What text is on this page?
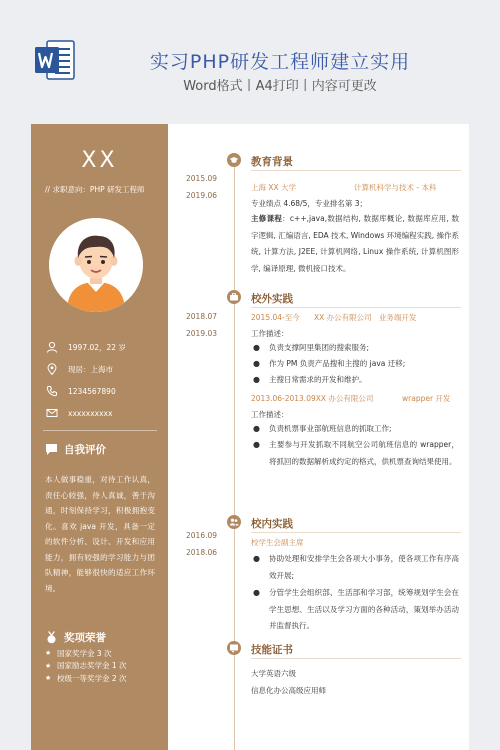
实习PHP研发工程师建立实用
Word格式丨A4打印丨内容可更改
XX
// 求职意向：PHP 研发工程师
1997.02，22 岁
现居：上海市
1234567890
xxxxxxxxxx
自我评价
本人做事稳重，对待工作认真，责任心较强，待人真诚，善于沟通，时刻保持学习，积极拥抱变化。喜欢 java 开发，具备一定的软件分析、设计、开发和应用能力，拥有较强的学习能力与团队精神，能够很快的适应工作环境。
奖项荣誉
★ 国家奖学金 3 次
★ 国家励志奖学金 1 次
★ 校级一等奖学金 2 次
2015.09
2019.06
教育背景
上海 XX 大学	计算机科学与技术 - 本科
专业绩点 4.68/5，专业排名第 3；
主修课程：c++,java,数据结构, 数据库概论, 数据库应用, 数字逻辑, 汇编语言, EDA 技术, Windows 环境编程实践, 操作系统, 计算方法, J2EE, 计算机网络, Linux 操作系统, 计算机图形学, 编译原理, 微机接口技术。
2018.07
2019.03
校外实践
2015.04-至今      XX 办公有限公司   业务端开发
工作描述：
●	负责支撑阿里集团的搜索服务;
●	作为 PM 负责产品搜和主搜的 java 迁移;
●	主搜日常需求的开发和维护。
2013.06-2013.09XX 办公有限公司            wrapper 开发
工作描述：
●	负责机票事业部航班信息的抓取工作;
●	主要参与开发抓取不同航空公司航班信息的 wrapper，将抓回的数据解析成约定的格式，供机票查询结果使用。
2016.09
2018.06
校内实践
校学生会副主席
●	协助处理和安排学生会各项大小事务，使各项工作有序高效开展;
●	分管学生会组织部、生活部和学习部，统筹规划学生会在学生思想、生活以及学习方面的各种活动，策划举办活动并监督执行。
技能证书
大学英语六级
信息化办公高级应用师
